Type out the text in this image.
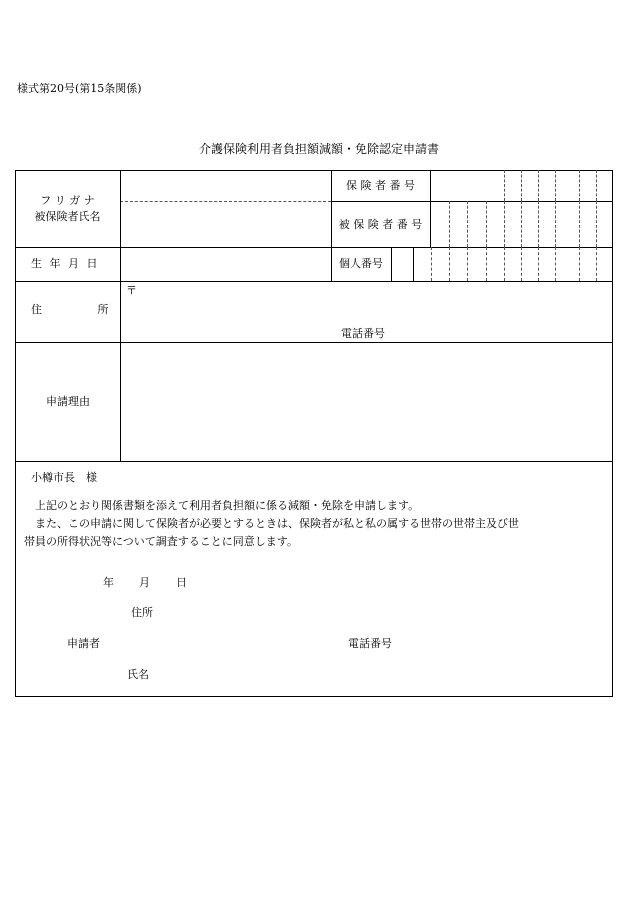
様式第20号(第15条関係)
介護保険利用者負担額減額・免除認定申請書
フ リ ガ ナ
被保険者氏名
保 険 者 番 号
被 保 険 者 番 号
生 年 月 日	個人番号
住 所
〒
電話番号
申請理由
小樽市長　様
上記のとおり関係書類を添えて利用者負担額に係る減額・免除を申請します。
また、この申請に関して保険者が必要とするときは、保険者が私と私の属する世帯の世帯主及び世帯員の所得状況等について調査することに同意します。
年 月 日
住所
申請者	電話番号
氏名
